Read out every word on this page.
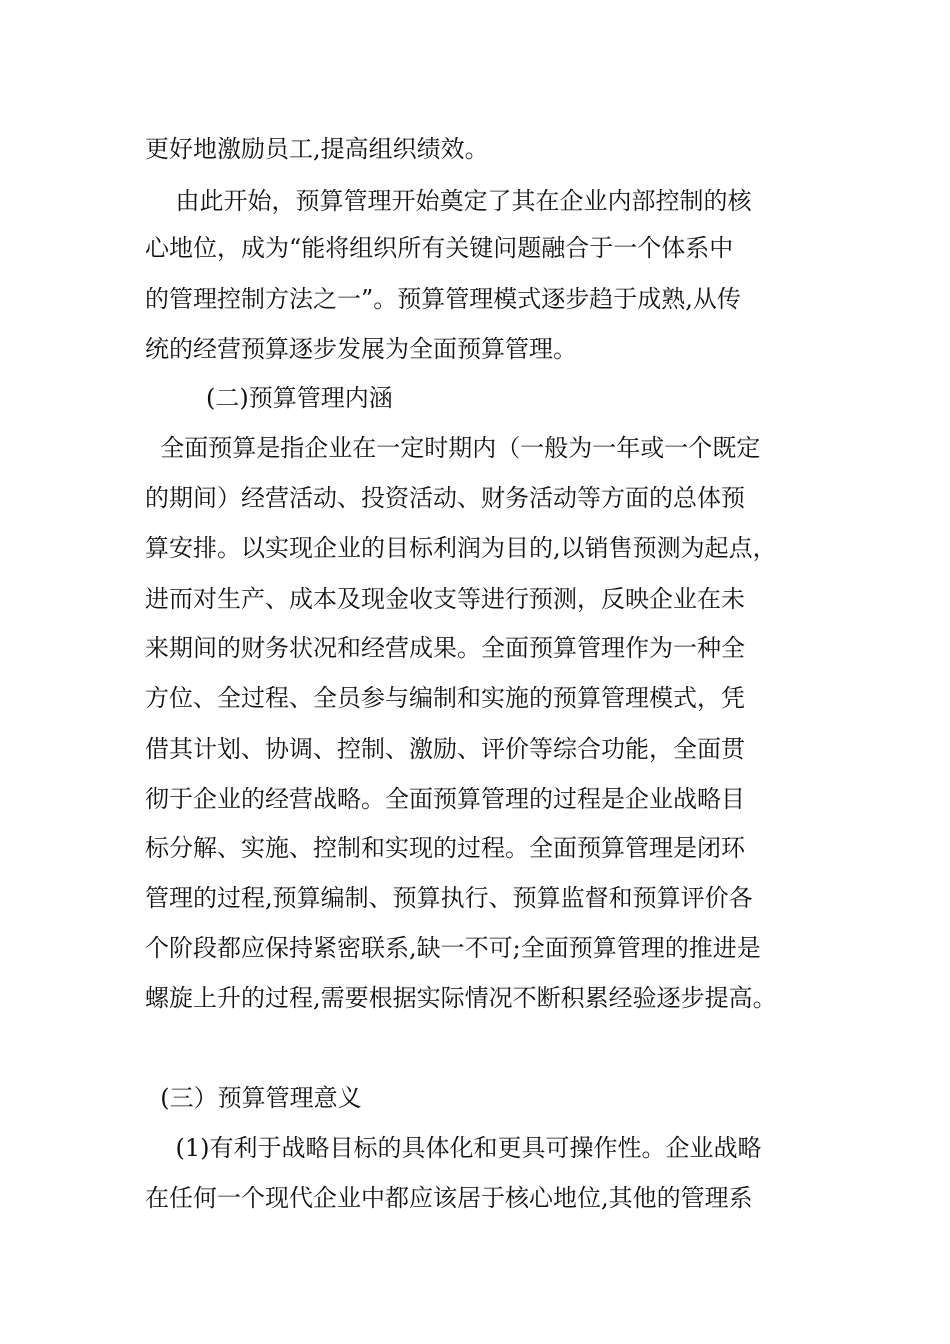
更好地激励员工,提高组织绩效。
由此开始，预算管理开始奠定了其在企业内部控制的核
心地位，成为“能将组织所有关键问题融合于一个体系中
的管理控制方法之一”。预算管理模式逐步趋于成熟,从传
统的经营预算逐步发展为全面预算管理。
(二)预算管理内涵
全面预算是指企业在一定时期内（一般为一年或一个既定
的期间）经营活动、投资活动、财务活动等方面的总体预
算安排。以实现企业的目标利润为目的,以销售预测为起点，
进而对生产、成本及现金收支等进行预测，反映企业在未
来期间的财务状况和经营成果。全面预算管理作为一种全
方位、全过程、全员参与编制和实施的预算管理模式，凭
借其计划、协调、控制、激励、评价等综合功能，全面贯
彻于企业的经营战略。全面预算管理的过程是企业战略目
标分解、实施、控制和实现的过程。全面预算管理是闭环
管理的过程,预算编制、预算执行、预算监督和预算评价各
个阶段都应保持紧密联系,缺一不可;全面预算管理的推进是
螺旋上升的过程,需要根据实际情况不断积累经验逐步提高。
(三）预算管理意义
(1)有利于战略目标的具体化和更具可操作性。企业战略
在任何一个现代企业中都应该居于核心地位,其他的管理系
